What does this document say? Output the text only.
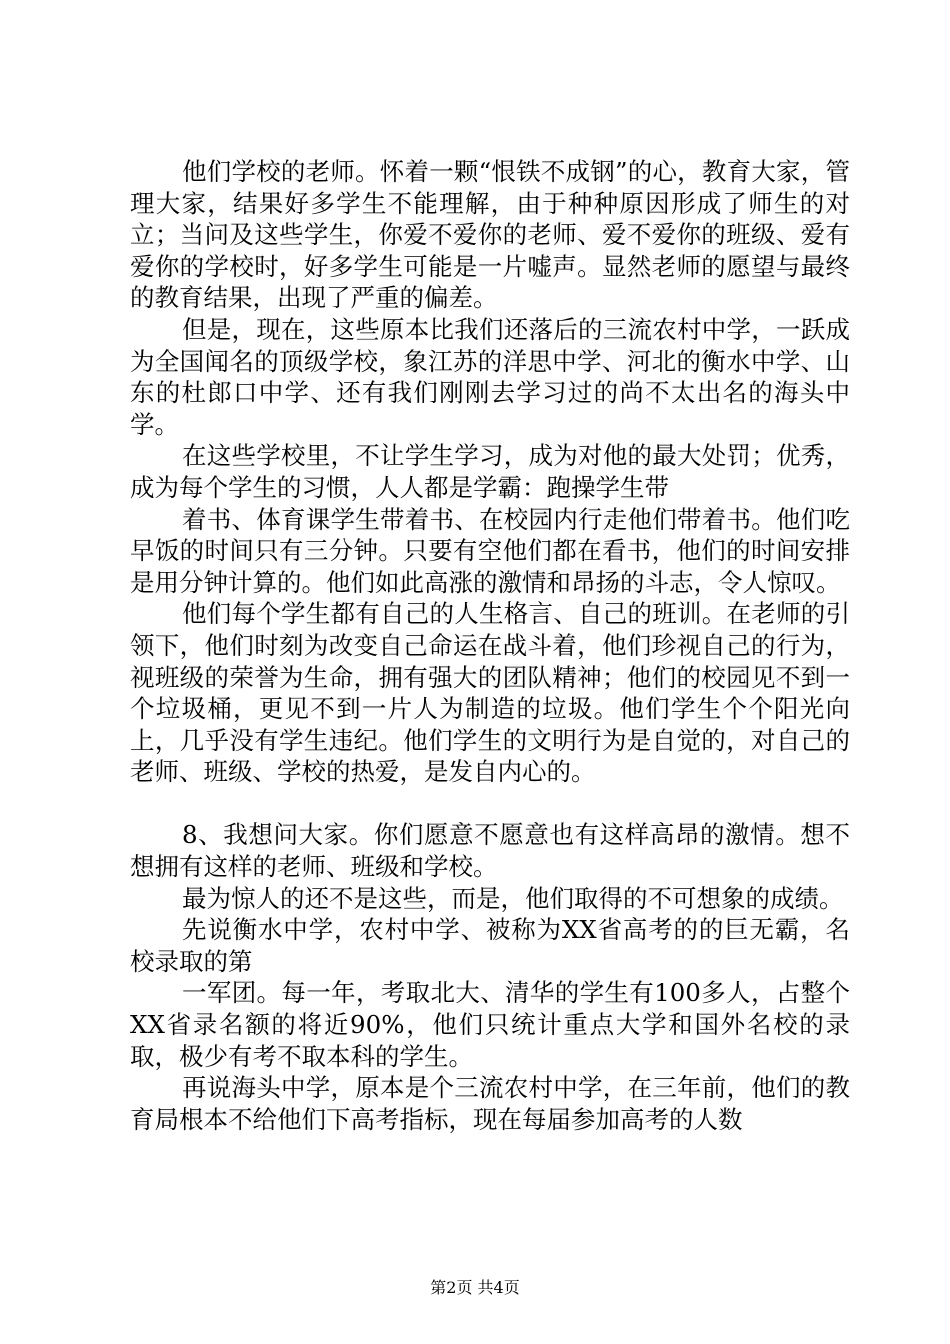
他们学校的老师。怀着一颗“恨铁不成钢”的心，教育大家，管理大家，结果好多学生不能理解，由于种种原因形成了师生的对立；当问及这些学生，你爱不爱你的老师、爱不爱你的班级、爱有爱你的学校时，好多学生可能是一片嘘声。显然老师的愿望与最终的教育结果，出现了严重的偏差。

但是，现在，这些原本比我们还落后的三流农村中学，一跃成为全国闻名的顶级学校，象江苏的洋思中学、河北的衡水中学、山东的杜郎口中学、还有我们刚刚去学习过的尚不太出名的海头中学。

在这些学校里，不让学生学习，成为对他的最大处罚；优秀，成为每个学生的习惯，人人都是学霸：跑操学生带

着书、体育课学生带着书、在校园内行走他们带着书。他们吃早饭的时间只有三分钟。只要有空他们都在看书，他们的时间安排是用分钟计算的。他们如此高涨的激情和昂扬的斗志，令人惊叹。

他们每个学生都有自己的人生格言、自己的班训。在老师的引领下，他们时刻为改变自己命运在战斗着，他们珍视自己的行为，视班级的荣誉为生命，拥有强大的团队精神；他们的校园见不到一个垃圾桶，更见不到一片人为制造的垃圾。他们学生个个阳光向上，几乎没有学生违纪。他们学生的文明行为是自觉的，对自己的老师、班级、学校的热爱，是发自内心的。

8、我想问大家。你们愿意不愿意也有这样高昂的激情。想不想拥有这样的老师、班级和学校。

最为惊人的还不是这些，而是，他们取得的不可想象的成绩。

先说衡水中学，农村中学、被称为XX省高考的的巨无霸，名校录取的第

一军团。每一年，考取北大、清华的学生有100多人，占整个XX省录名额的将近90%，他们只统计重点大学和国外名校的录取，极少有考不取本科的学生。

再说海头中学，原本是个三流农村中学，在三年前，他们的教育局根本不给他们下高考指标，现在每届参加高考的人数

第2页 共4页
